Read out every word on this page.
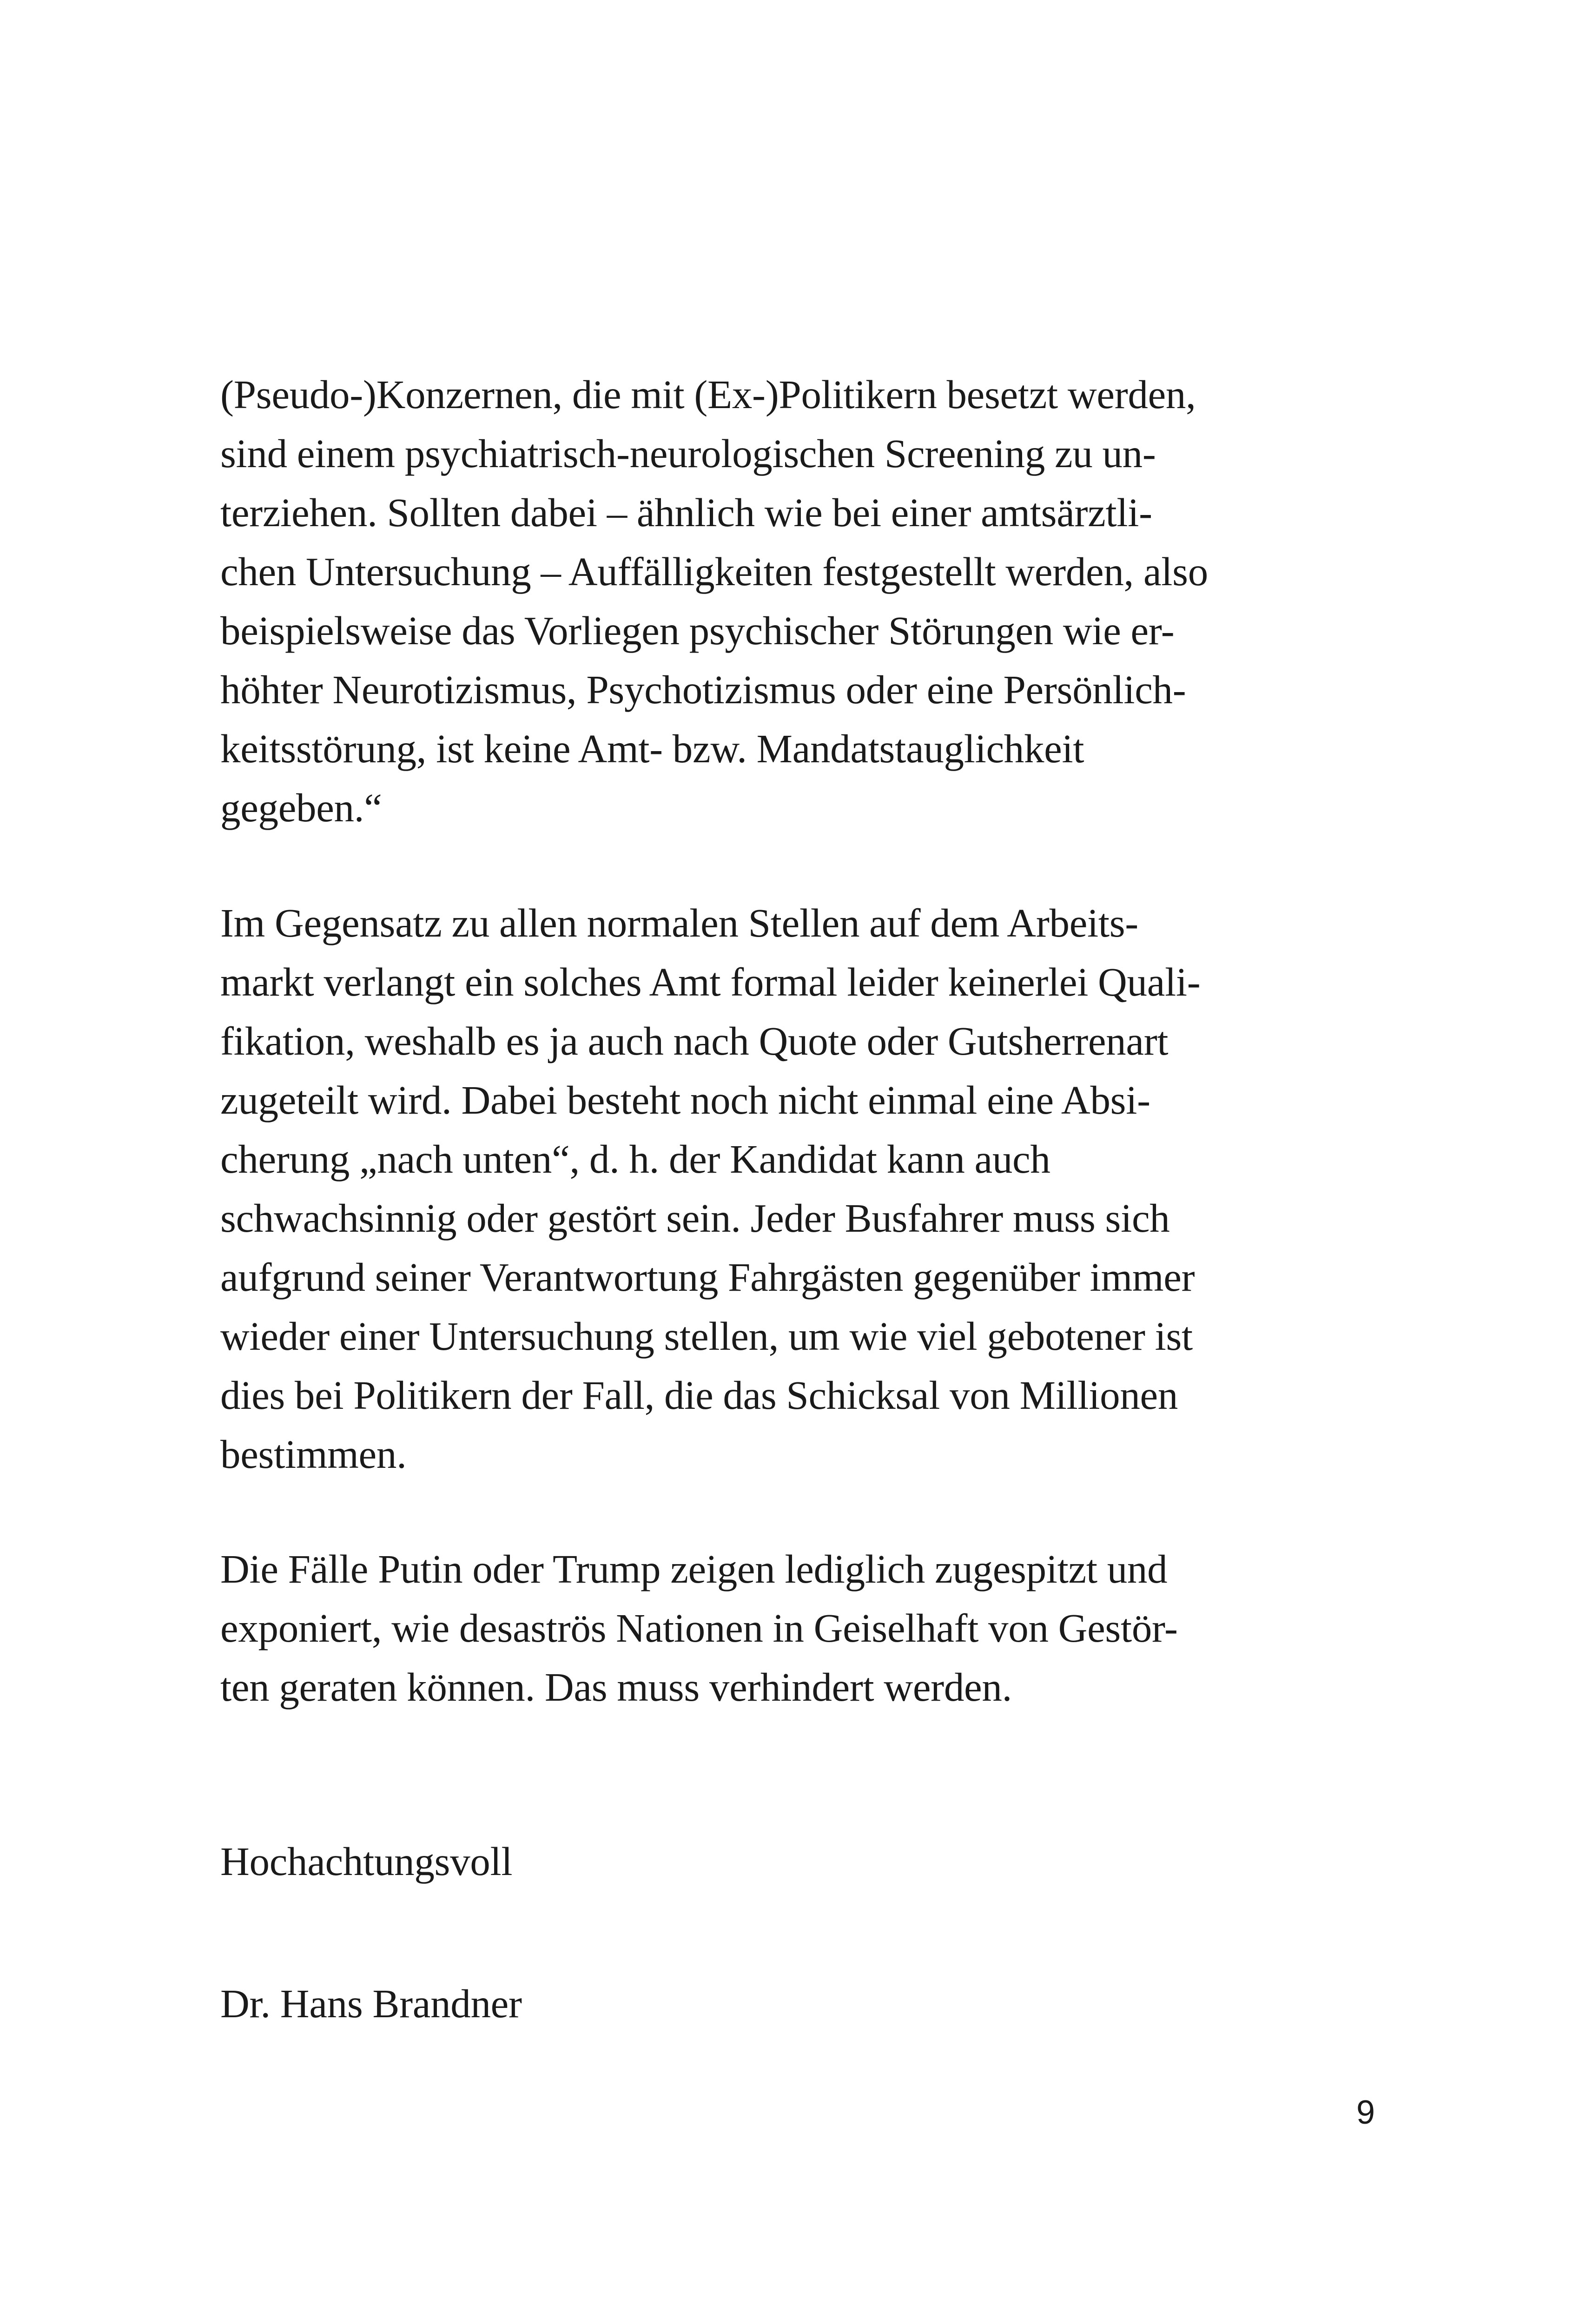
(Pseudo-)Konzernen, die mit (Ex-)Politikern besetzt werden,
sind einem psychiatrisch-neurologischen Screening zu un-
terziehen. Sollten dabei – ähnlich wie bei einer amtsärztli-
chen Untersuchung – Auffälligkeiten festgestellt werden, also
beispielsweise das Vorliegen psychischer Störungen wie er-
höhter Neurotizismus, Psychotizismus oder eine Persönlich-
keitsstörung, ist keine Amt- bzw. Mandatstauglichkeit
gegeben.“
Im Gegensatz zu allen normalen Stellen auf dem Arbeits-
markt verlangt ein solches Amt formal leider keinerlei Quali-
fikation, weshalb es ja auch nach Quote oder Gutsherrenart
zugeteilt wird. Dabei besteht noch nicht einmal eine Absi-
cherung „nach unten“, d. h. der Kandidat kann auch
schwachsinnig oder gestört sein. Jeder Busfahrer muss sich
aufgrund seiner Verantwortung Fahrgästen gegenüber immer
wieder einer Untersuchung stellen, um wie viel gebotener ist
dies bei Politikern der Fall, die das Schicksal von Millionen
bestimmen.
Die Fälle Putin oder Trump zeigen lediglich zugespitzt und
exponiert, wie desaströs Nationen in Geiselhaft von Gestör-
ten geraten können. Das muss verhindert werden.
Hochachtungsvoll
Dr. Hans Brandner
9
